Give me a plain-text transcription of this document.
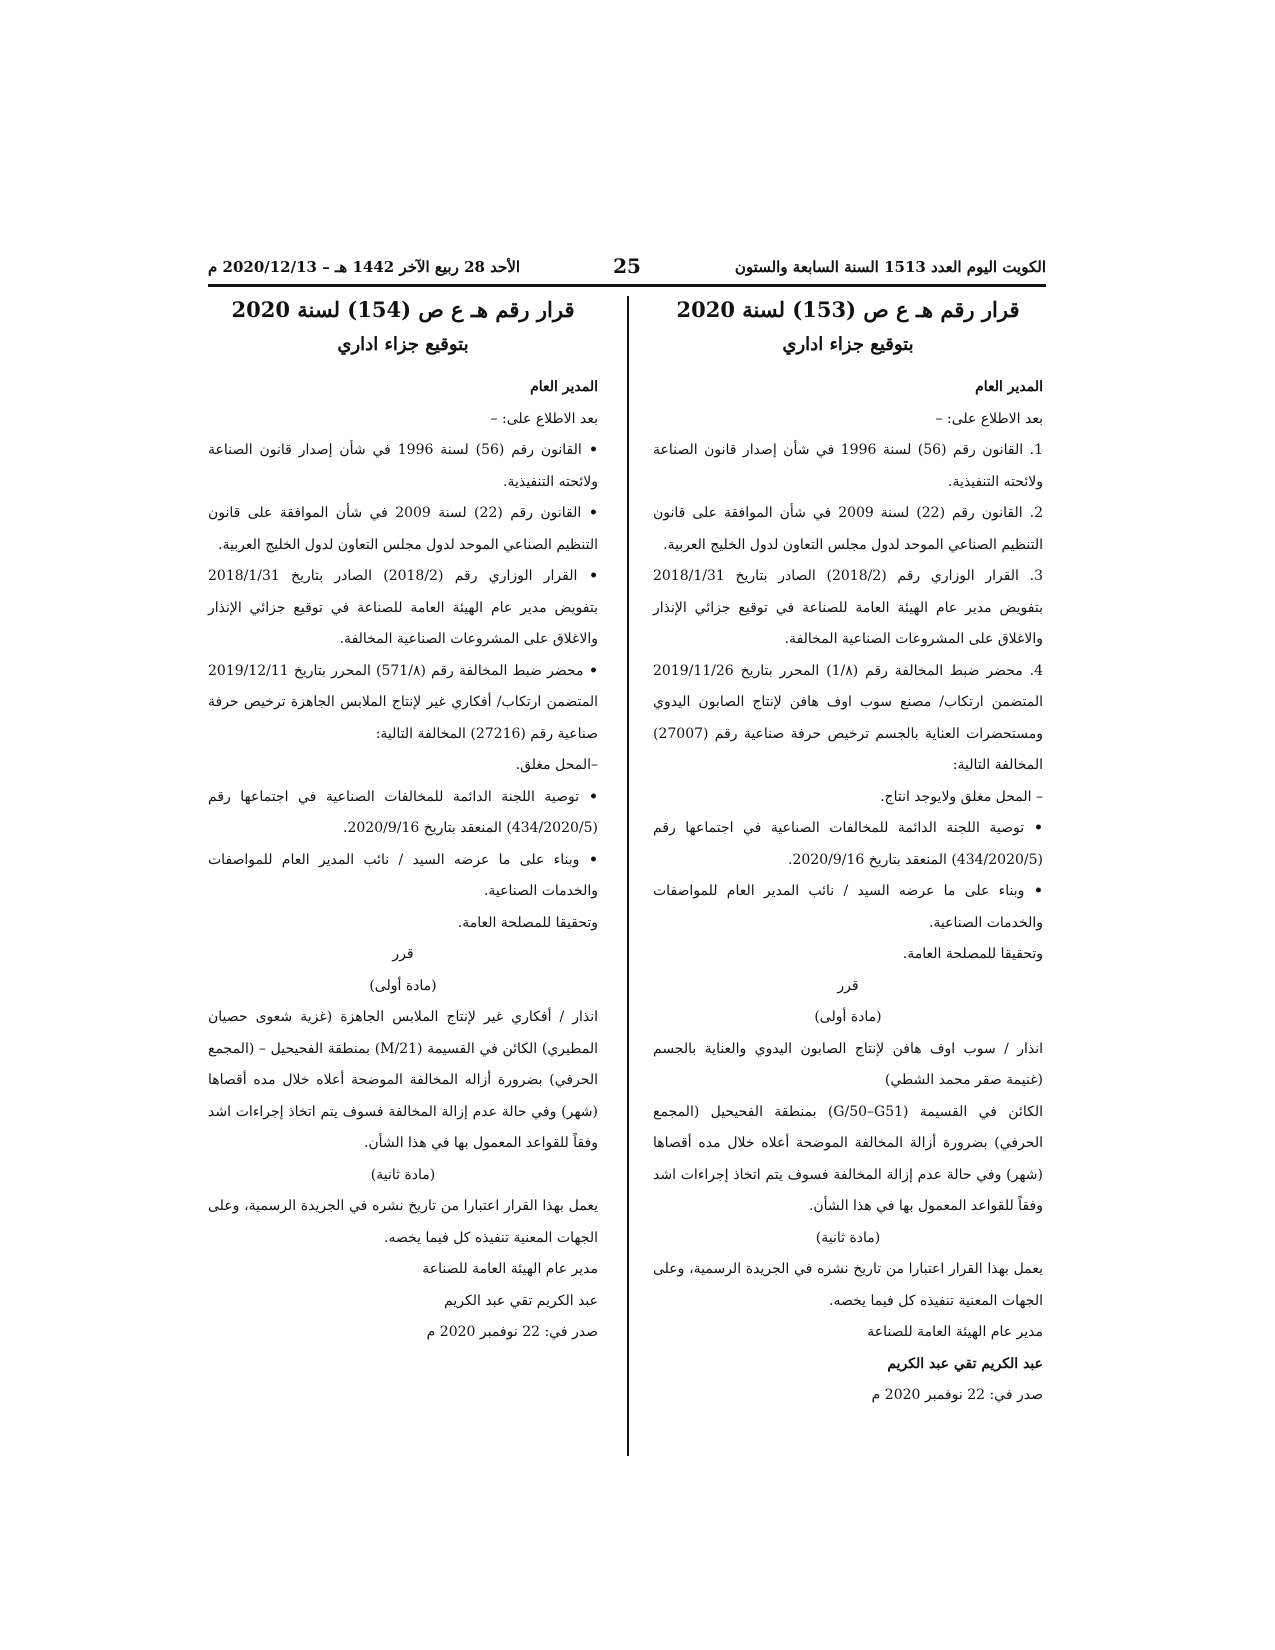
الكويت اليوم العدد 1513 السنة السابعة والستون
25
الأحد 28 ربيع الآخر 1442 هـ – 2020/12/13 م

قرار رقم هـ ع ص (153) لسنة 2020

بتوقيع جزاء اداري

المدير العام

بعد الاطلاع على: –

1. القانون رقم (56) لسنة 1996 في شأن إصدار قانون الصناعة ولائحته التنفيذية.

2. القانون رقم (22) لسنة 2009 في شأن الموافقة على قانون التنظيم الصناعي الموحد لدول مجلس التعاون لدول الخليج العربية.

3. القرار الوزاري رقم (2018/2) الصادر بتاريخ 2018/1/31 بتفويض مدير عام الهيئة العامة للصناعة في توقيع جزائي الإنذار والاغلاق على المشروعات الصناعية المخالفة.

4. محضر ضبط المخالفة رقم (1/٨) المحرر بتاريخ 2019/11/26 المتضمن ارتكاب/ مصنع سوب اوف هافن لإنتاج الصابون اليدوي ومستحضرات العناية بالجسم ترخيص حرفة صناعية رقم (27007) المخالفة التالية:

– المحل مغلق ولايوجد انتاج.

• توصية اللجنة الدائمة للمخالفات الصناعية في اجتماعها رقم (434/2020/5) المنعقد بتاريخ 2020/9/16.

• وبناء على ما عرضه السيد / نائب المدير العام للمواصفات والخدمات الصناعية.

وتحقيقا للمصلحة العامة.

قرر

(مادة أولى)

انذار / سوب اوف هافن لإنتاج الصابون اليدوي والعناية بالجسم (غنيمة صقر محمد الشطي)

الكائن في القسيمة (G/50–G51) بمنطقة الفحيحيل (المجمع الحرفي) بضرورة أزالة المخالفة الموضحة أعلاه خلال مده أقصاها (شهر) وفي حالة عدم إزالة المخالفة فسوف يتم اتخاذ إجراءات اشد وفقاً للقواعد المعمول بها في هذا الشأن.

(مادة ثانية)

يعمل بهذا القرار اعتبارا من تاريخ نشره في الجريدة الرسمية، وعلى الجهات المعنية تنفيذه كل فيما يخصه.

مدير عام الهيئة العامة للصناعة

عبد الكريم تقي عبد الكريم

صدر في: 22 نوفمبر 2020 م

قرار رقم هـ ع ص (154) لسنة 2020

بتوقيع جزاء اداري

المدير العام

بعد الاطلاع على: –

• القانون رقم (56) لسنة 1996 في شأن إصدار قانون الصناعة ولائحته التنفيذية.

• القانون رقم (22) لسنة 2009 في شأن الموافقة على قانون التنظيم الصناعي الموحد لدول مجلس التعاون لدول الخليج العربية.

• القرار الوزاري رقم (2018/2) الصادر بتاريخ 2018/1/31 بتفويض مدير عام الهيئة العامة للصناعة في توقيع جزائي الإنذار والاغلاق على المشروعات الصناعية المخالفة.

• محضر ضبط المخالفة رقم (571/٨) المحرر بتاريخ 2019/12/11 المتضمن ارتكاب/ أفكاري غير لإنتاج الملابس الجاهزة ترخيص حرفة صناعية رقم (27216) المخالفة التالية:

–المحل مغلق.

• توصية اللجنة الدائمة للمخالفات الصناعية في اجتماعها رقم (434/2020/5) المنعقد بتاريخ 2020/9/16.

• وبناء على ما عرضه السيد / نائب المدير العام للمواصفات والخدمات الصناعية.

وتحقيقا للمصلحة العامة.

قرر

(مادة أولى)

انذار / أفكاري غير لإنتاج الملابس الجاهزة (غزية شعوى حصيان المطيري) الكائن في القسيمة (M/21) بمنطقة الفحيحيل – (المجمع الحرفي) بضرورة أزاله المخالفة الموضحة أعلاه خلال مده أقصاها (شهر) وفي حالة عدم إزالة المخالفة فسوف يتم اتخاذ إجراءات اشد وفقاً للقواعد المعمول بها في هذا الشأن.

(مادة ثانية)

يعمل بهذا القرار اعتبارا من تاريخ نشره في الجريدة الرسمية، وعلى الجهات المعنية تنفيذه كل فيما يخصه.

مدير عام الهيئة العامة للصناعة

عبد الكريم تقي عبد الكريم

صدر في: 22 نوفمبر 2020 م
